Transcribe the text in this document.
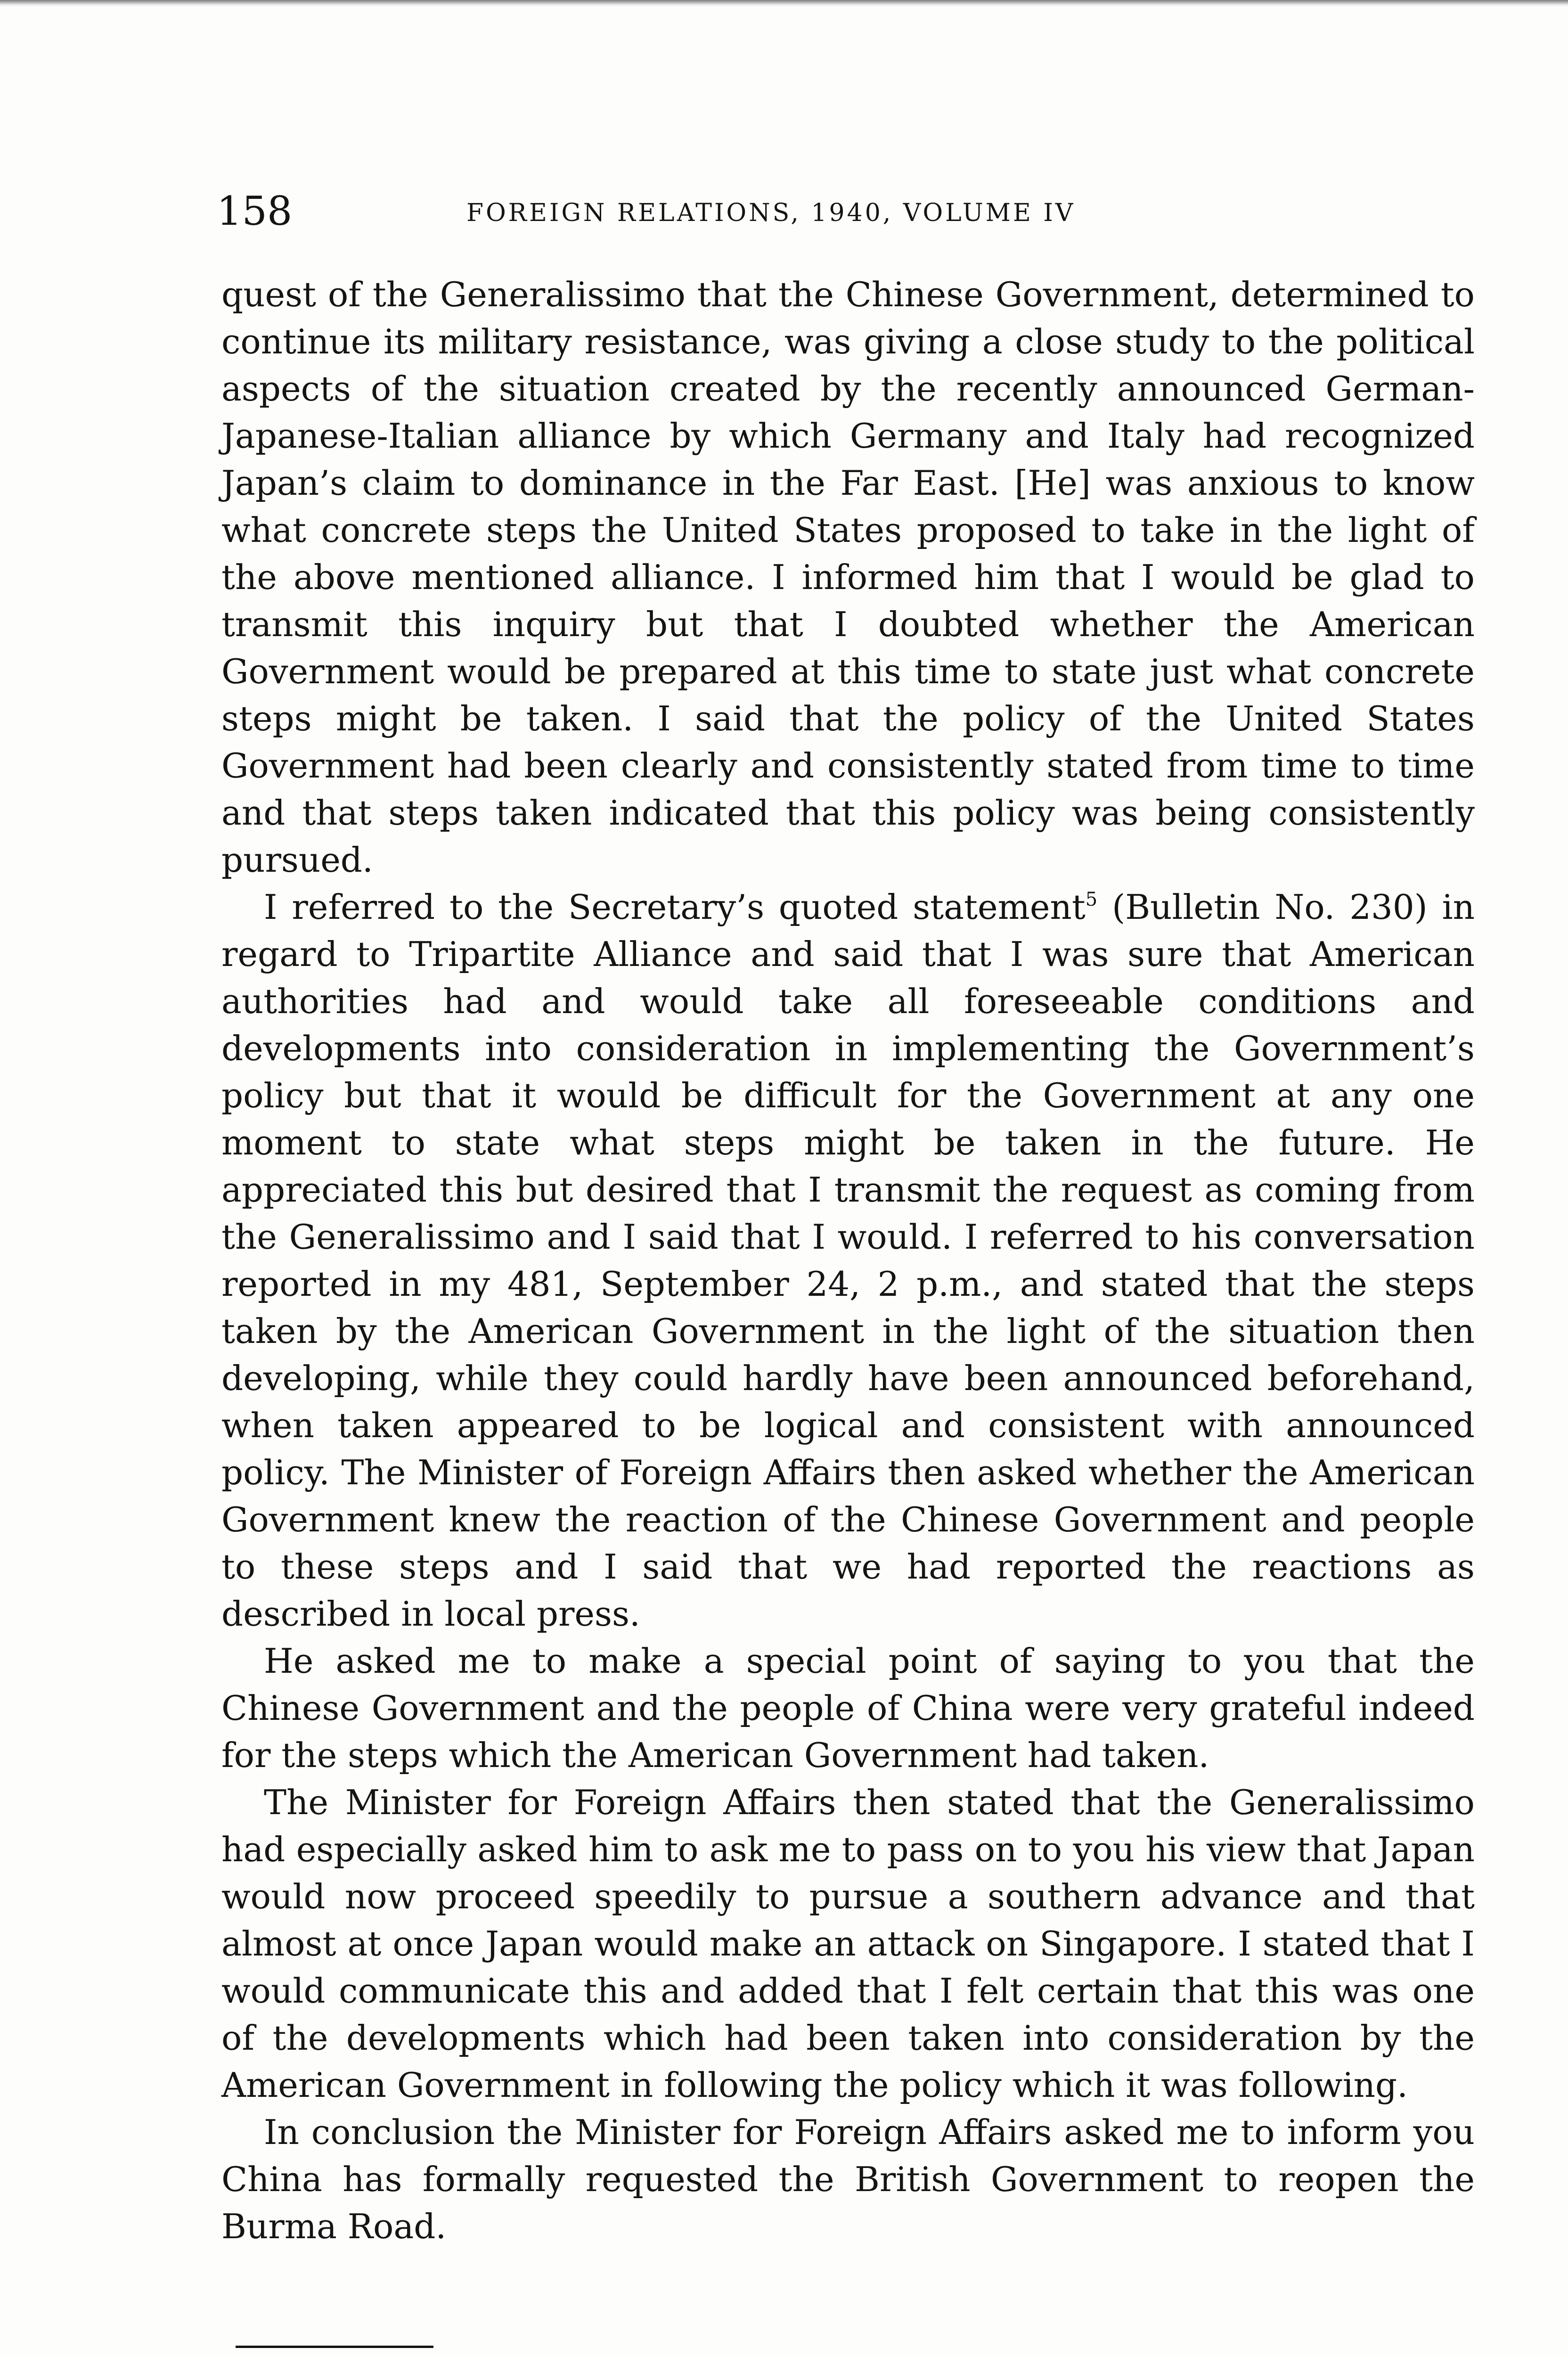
158	FOREIGN RELATIONS, 1940, VOLUME IV

quest of the Generalissimo that the Chinese Government, determined to continue its military resistance, was giving a close study to the political aspects of the situation created by the recently announced German-Japanese-Italian alliance by which Germany and Italy had recognized Japan’s claim to dominance in the Far East. [He] was anxious to know what concrete steps the United States proposed to take in the light of the above mentioned alliance. I informed him that I would be glad to transmit this inquiry but that I doubted whether the American Government would be prepared at this time to state just what concrete steps might be taken. I said that the policy of the United States Government had been clearly and consistently stated from time to time and that steps taken indicated that this policy was being consistently pursued.

I referred to the Secretary’s quoted statement$^5$ (Bulletin No. 230) in regard to Tripartite Alliance and said that I was sure that American authorities had and would take all foreseeable conditions and developments into consideration in implementing the Government’s policy but that it would be difficult for the Government at any one moment to state what steps might be taken in the future. He appreciated this but desired that I transmit the request as coming from the Generalissimo and I said that I would. I referred to his conversation reported in my 481, September 24, 2 p.m., and stated that the steps taken by the American Government in the light of the situation then developing, while they could hardly have been announced beforehand, when taken appeared to be logical and consistent with announced policy. The Minister of Foreign Affairs then asked whether the American Government knew the reaction of the Chinese Government and people to these steps and I said that we had reported the reactions as described in local press.

He asked me to make a special point of saying to you that the Chinese Government and the people of China were very grateful indeed for the steps which the American Government had taken.

The Minister for Foreign Affairs then stated that the Generalissimo had especially asked him to ask me to pass on to you his view that Japan would now proceed speedily to pursue a southern advance and that almost at once Japan would make an attack on Singapore. I stated that I would communicate this and added that I felt certain that this was one of the developments which had been taken into consideration by the American Government in following the policy which it was following.

In conclusion the Minister for Foreign Affairs asked me to inform you China has formally requested the British Government to reopen the Burma Road.
